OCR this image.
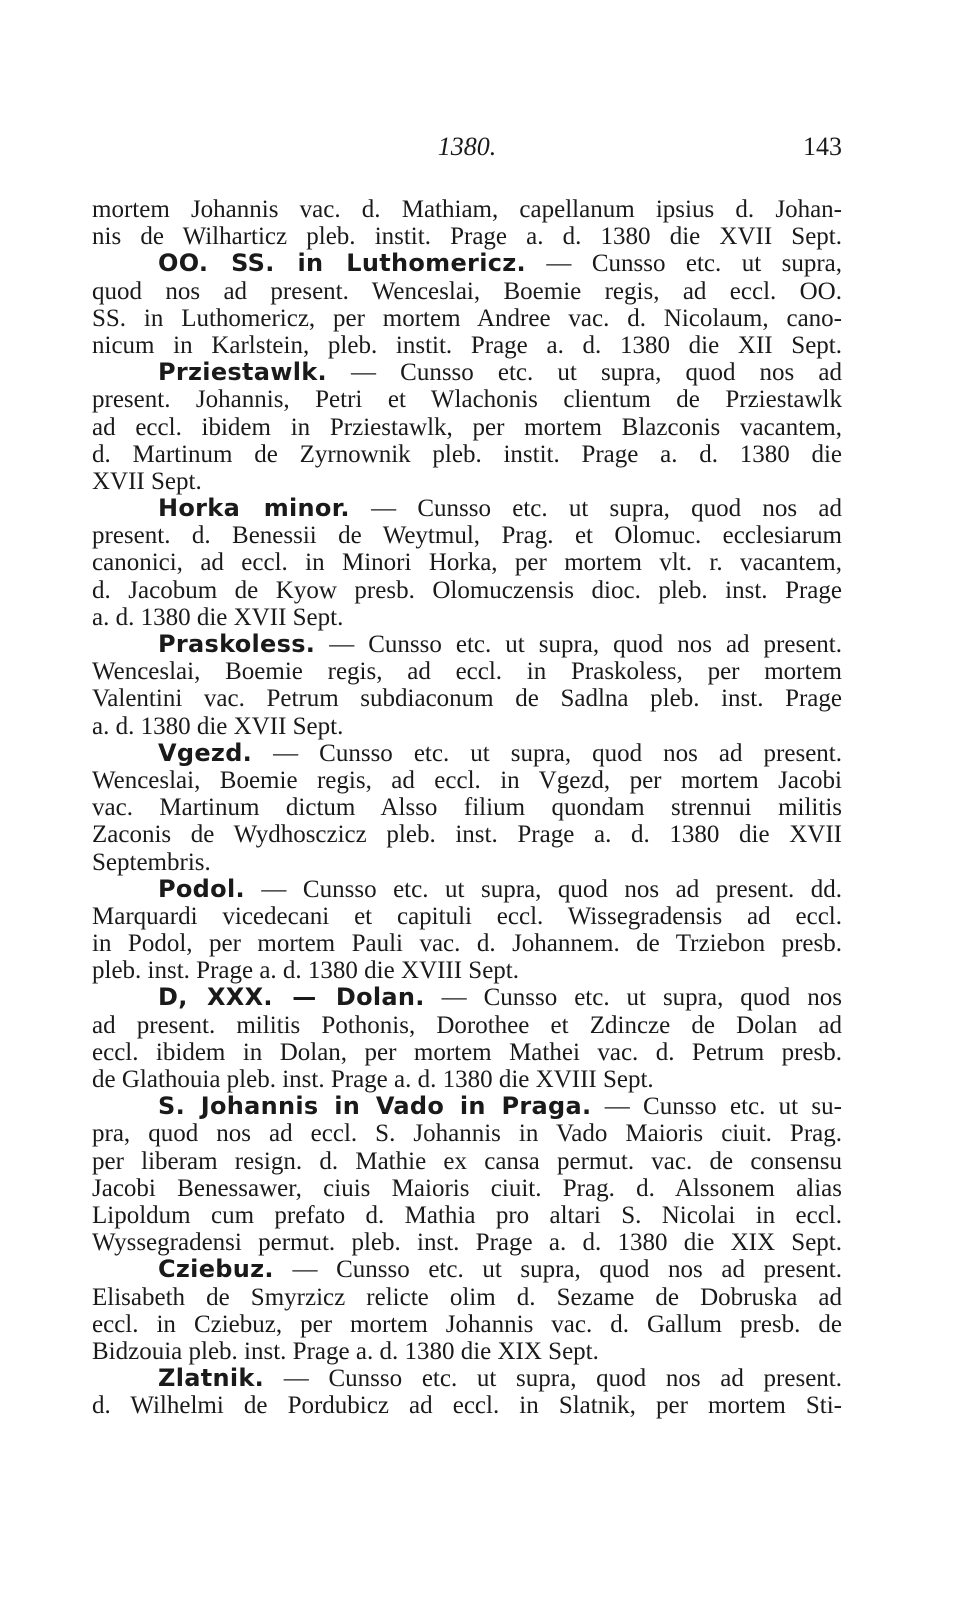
1380.	143
mortem Johannis vac. d. Mathiam, capellanum ipsius d. Johan-
nis de Wilharticz pleb. instit. Prage a. d. 1380 die XVII Sept.
OO. SS. in Luthomericz. — Cunsso etc. ut supra,
quod nos ad present. Wenceslai, Boemie regis, ad eccl. OO.
SS. in Luthomericz, per mortem Andree vac. d. Nicolaum, cano-
nicum in Karlstein, pleb. instit. Prage a. d. 1380 die XII Sept.
Prziestawlk. — Cunsso etc. ut supra, quod nos ad
present. Johannis, Petri et Wlachonis clientum de Prziestawlk
ad eccl. ibidem in Prziestawlk, per mortem Blazconis vacantem,
d. Martinum de Zyrnownik pleb. instit. Prage a. d. 1380 die
XVII Sept.
Horka minor. — Cunsso etc. ut supra, quod nos ad
present. d. Benessii de Weytmul, Prag. et Olomuc. ecclesiarum
canonici, ad eccl. in Minori Horka, per mortem vlt. r. vacantem,
d. Jacobum de Kyow presb. Olomuczensis dioc. pleb. inst. Prage
a. d. 1380 die XVII Sept.
Praskoless. — Cunsso etc. ut supra, quod nos ad present.
Wenceslai, Boemie regis, ad eccl. in Praskoless, per mortem
Valentini vac. Petrum subdiaconum de Sadlna pleb. inst. Prage
a. d. 1380 die XVII Sept.
Vgezd. — Cunsso etc. ut supra, quod nos ad present.
Wenceslai, Boemie regis, ad eccl. in Vgezd, per mortem Jacobi
vac. Martinum dictum Alsso filium quondam strennui militis
Zaconis de Wydhosczicz pleb. inst. Prage a. d. 1380 die XVII
Septembris.
Podol. — Cunsso etc. ut supra, quod nos ad present. dd.
Marquardi vicedecani et capituli eccl. Wissegradensis ad eccl.
in Podol, per mortem Pauli vac. d. Johannem. de Trziebon presb.
pleb. inst. Prage a. d. 1380 die XVIII Sept.
D, XXX. — Dolan. — Cunsso etc. ut supra, quod nos
ad present. militis Pothonis, Dorothee et Zdincze de Dolan ad
eccl. ibidem in Dolan, per mortem Mathei vac. d. Petrum presb.
de Glathouia pleb. inst. Prage a. d. 1380 die XVIII Sept.
S. Johannis in Vado in Praga. — Cunsso etc. ut su-
pra, quod nos ad eccl. S. Johannis in Vado Maioris ciuit. Prag.
per liberam resign. d. Mathie ex cansa permut. vac. de consensu
Jacobi Benessawer, ciuis Maioris ciuit. Prag. d. Alssonem alias
Lipoldum cum prefato d. Mathia pro altari S. Nicolai in eccl.
Wyssegradensi permut. pleb. inst. Prage a. d. 1380 die XIX Sept.
Cziebuz. — Cunsso etc. ut supra, quod nos ad present.
Elisabeth de Smyrzicz relicte olim d. Sezame de Dobruska ad
eccl. in Cziebuz, per mortem Johannis vac. d. Gallum presb. de
Bidzouia pleb. inst. Prage a. d. 1380 die XIX Sept.
Zlatnik. — Cunsso etc. ut supra, quod nos ad present.
d. Wilhelmi de Pordubicz ad eccl. in Slatnik, per mortem Sti-
